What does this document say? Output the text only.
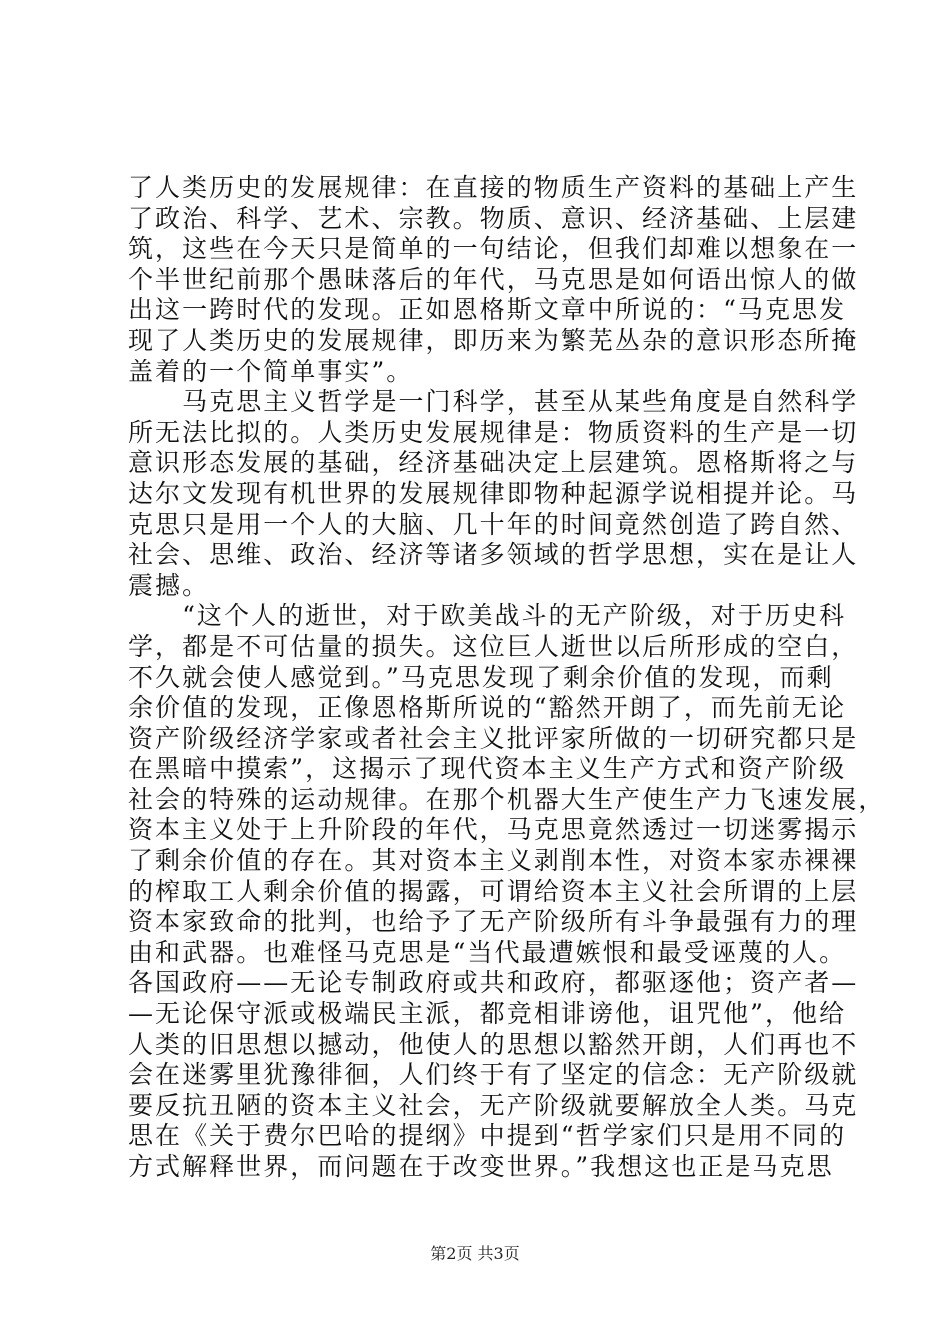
了人类历史的发展规律：在直接的物质生产资料的基础上产生
了政治、科学、艺术、宗教。物质、意识、经济基础、上层建
筑，这些在今天只是简单的一句结论，但我们却难以想象在一
个半世纪前那个愚昧落后的年代，马克思是如何语出惊人的做
出这一跨时代的发现。正如恩格斯文章中所说的：“马克思发
现了人类历史的发展规律，即历来为繁芜丛杂的意识形态所掩
盖着的一个简单事实”。
　　马克思主义哲学是一门科学，甚至从某些角度是自然科学
所无法比拟的。人类历史发展规律是：物质资料的生产是一切
意识形态发展的基础，经济基础决定上层建筑。恩格斯将之与
达尔文发现有机世界的发展规律即物种起源学说相提并论。马
克思只是用一个人的大脑、几十年的时间竟然创造了跨自然、
社会、思维、政治、经济等诸多领域的哲学思想，实在是让人
震撼。
　　“这个人的逝世，对于欧美战斗的无产阶级，对于历史科
学，都是不可估量的损失。这位巨人逝世以后所形成的空白，
不久就会使人感觉到。”马克思发现了剩余价值的发现，而剩
余价值的发现，正像恩格斯所说的“豁然开朗了，而先前无论
资产阶级经济学家或者社会主义批评家所做的一切研究都只是
在黑暗中摸索”，这揭示了现代资本主义生产方式和资产阶级
社会的特殊的运动规律。在那个机器大生产使生产力飞速发展，
资本主义处于上升阶段的年代，马克思竟然透过一切迷雾揭示
了剩余价值的存在。其对资本主义剥削本性，对资本家赤裸裸
的榨取工人剩余价值的揭露，可谓给资本主义社会所谓的上层
资本家致命的批判，也给予了无产阶级所有斗争最强有力的理
由和武器。也难怪马克思是“当代最遭嫉恨和最受诬蔑的人。
各国政府——无论专制政府或共和政府，都驱逐他；资产者—
—无论保守派或极端民主派，都竞相诽谤他，诅咒他”，他给
人类的旧思想以撼动，他使人的思想以豁然开朗，人们再也不
会在迷雾里犹豫徘徊，人们终于有了坚定的信念：无产阶级就
要反抗丑陋的资本主义社会，无产阶级就要解放全人类。马克
思在《关于费尔巴哈的提纲》中提到“哲学家们只是用不同的
方式解释世界，而问题在于改变世界。”我想这也正是马克思
第2页 共3页
